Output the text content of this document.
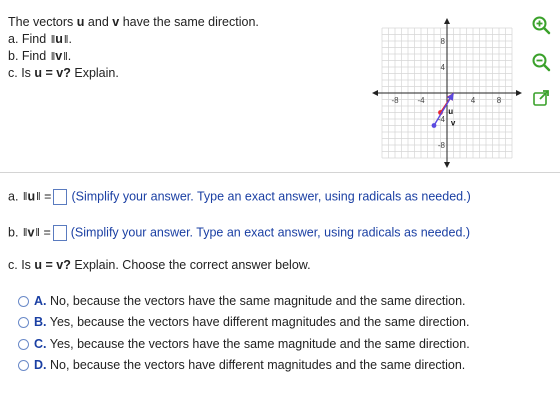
The vectors u and v have the same direction.
a. Find ‖u‖.
b. Find ‖v‖.
c. Is u = v? Explain.
-8 -4	4	8
8
4
-4
-8
u
v
a. ‖u‖ = (Simplify your answer. Type an exact answer, using radicals as needed.)
b. ‖v‖ = (Simplify your answer. Type an exact answer, using radicals as needed.)
c. Is u = v? Explain. Choose the correct answer below.
A. No, because the vectors have the same magnitude and the same direction.
B. Yes, because the vectors have different magnitudes and the same direction.
C. Yes, because the vectors have the same magnitude and the same direction.
D. No, because the vectors have different magnitudes and the same direction.
